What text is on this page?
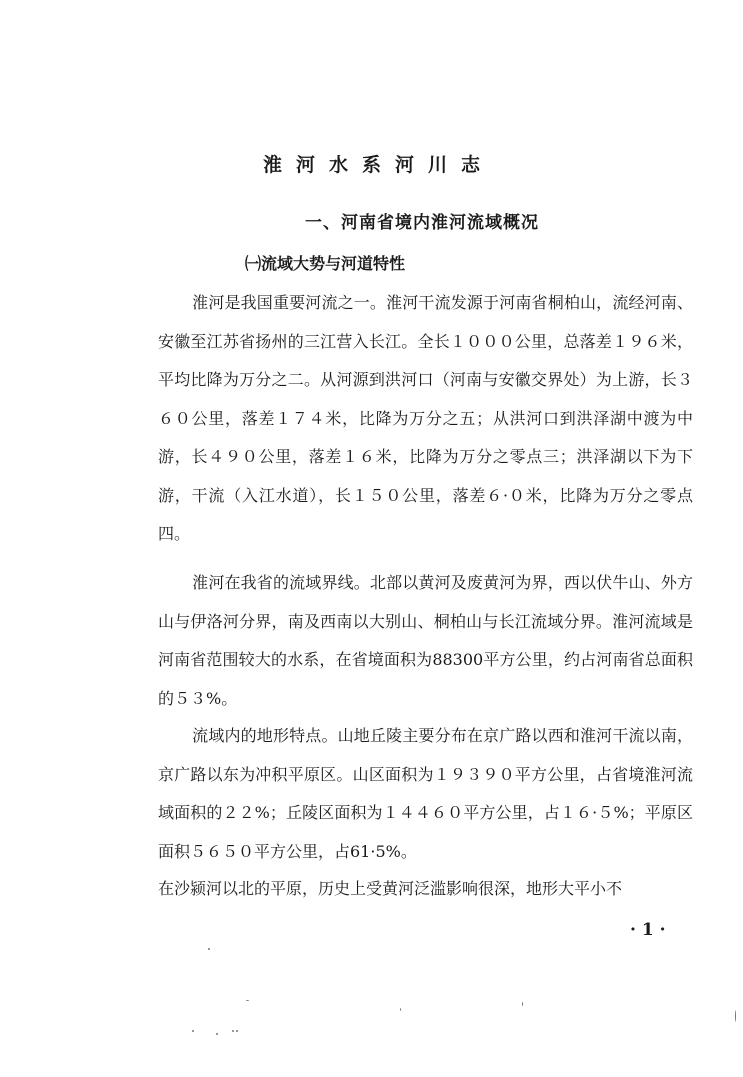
淮河水系河川志
一、河南省境内淮河流域概况
㈠流域大势与河道特性

淮河是我国重要河流之一。淮河干流发源于河南省桐柏山，流经河南、安徽至江苏省扬州的三江营入长江。全长１０００公里，总落差１９６米，平均比降为万分之二。从河源到洪河口（河南与安徽交界处）为上游，长３６０公里，落差１７４米，比降为万分之五；从洪河口到洪泽湖中渡为中游，长４９０公里，落差１６米，比降为万分之零点三；洪泽湖以下为下游，干流（入江水道），长１５０公里，落差６·０米，比降为万分之零点四。

淮河在我省的流域界线。北部以黄河及废黄河为界，西以伏牛山、外方山与伊洛河分界，南及西南以大别山、桐柏山与长江流域分界。淮河流域是河南省范围较大的水系，在省境面积为88300平方公里，约占河南省总面积的５３%。

流域内的地形特点。山地丘陵主要分布在京广路以西和淮河干流以南，京广路以东为冲积平原区。山区面积为１９３９０平方公里，占省境淮河流域面积的２２%；丘陵区面积为１４４６０平方公里，占１６·５%；平原区面积５６５０平方公里，占61·5%。

在沙颍河以北的平原，历史上受黄河泛滥影响很深，地形大平小不

· 1 ·
